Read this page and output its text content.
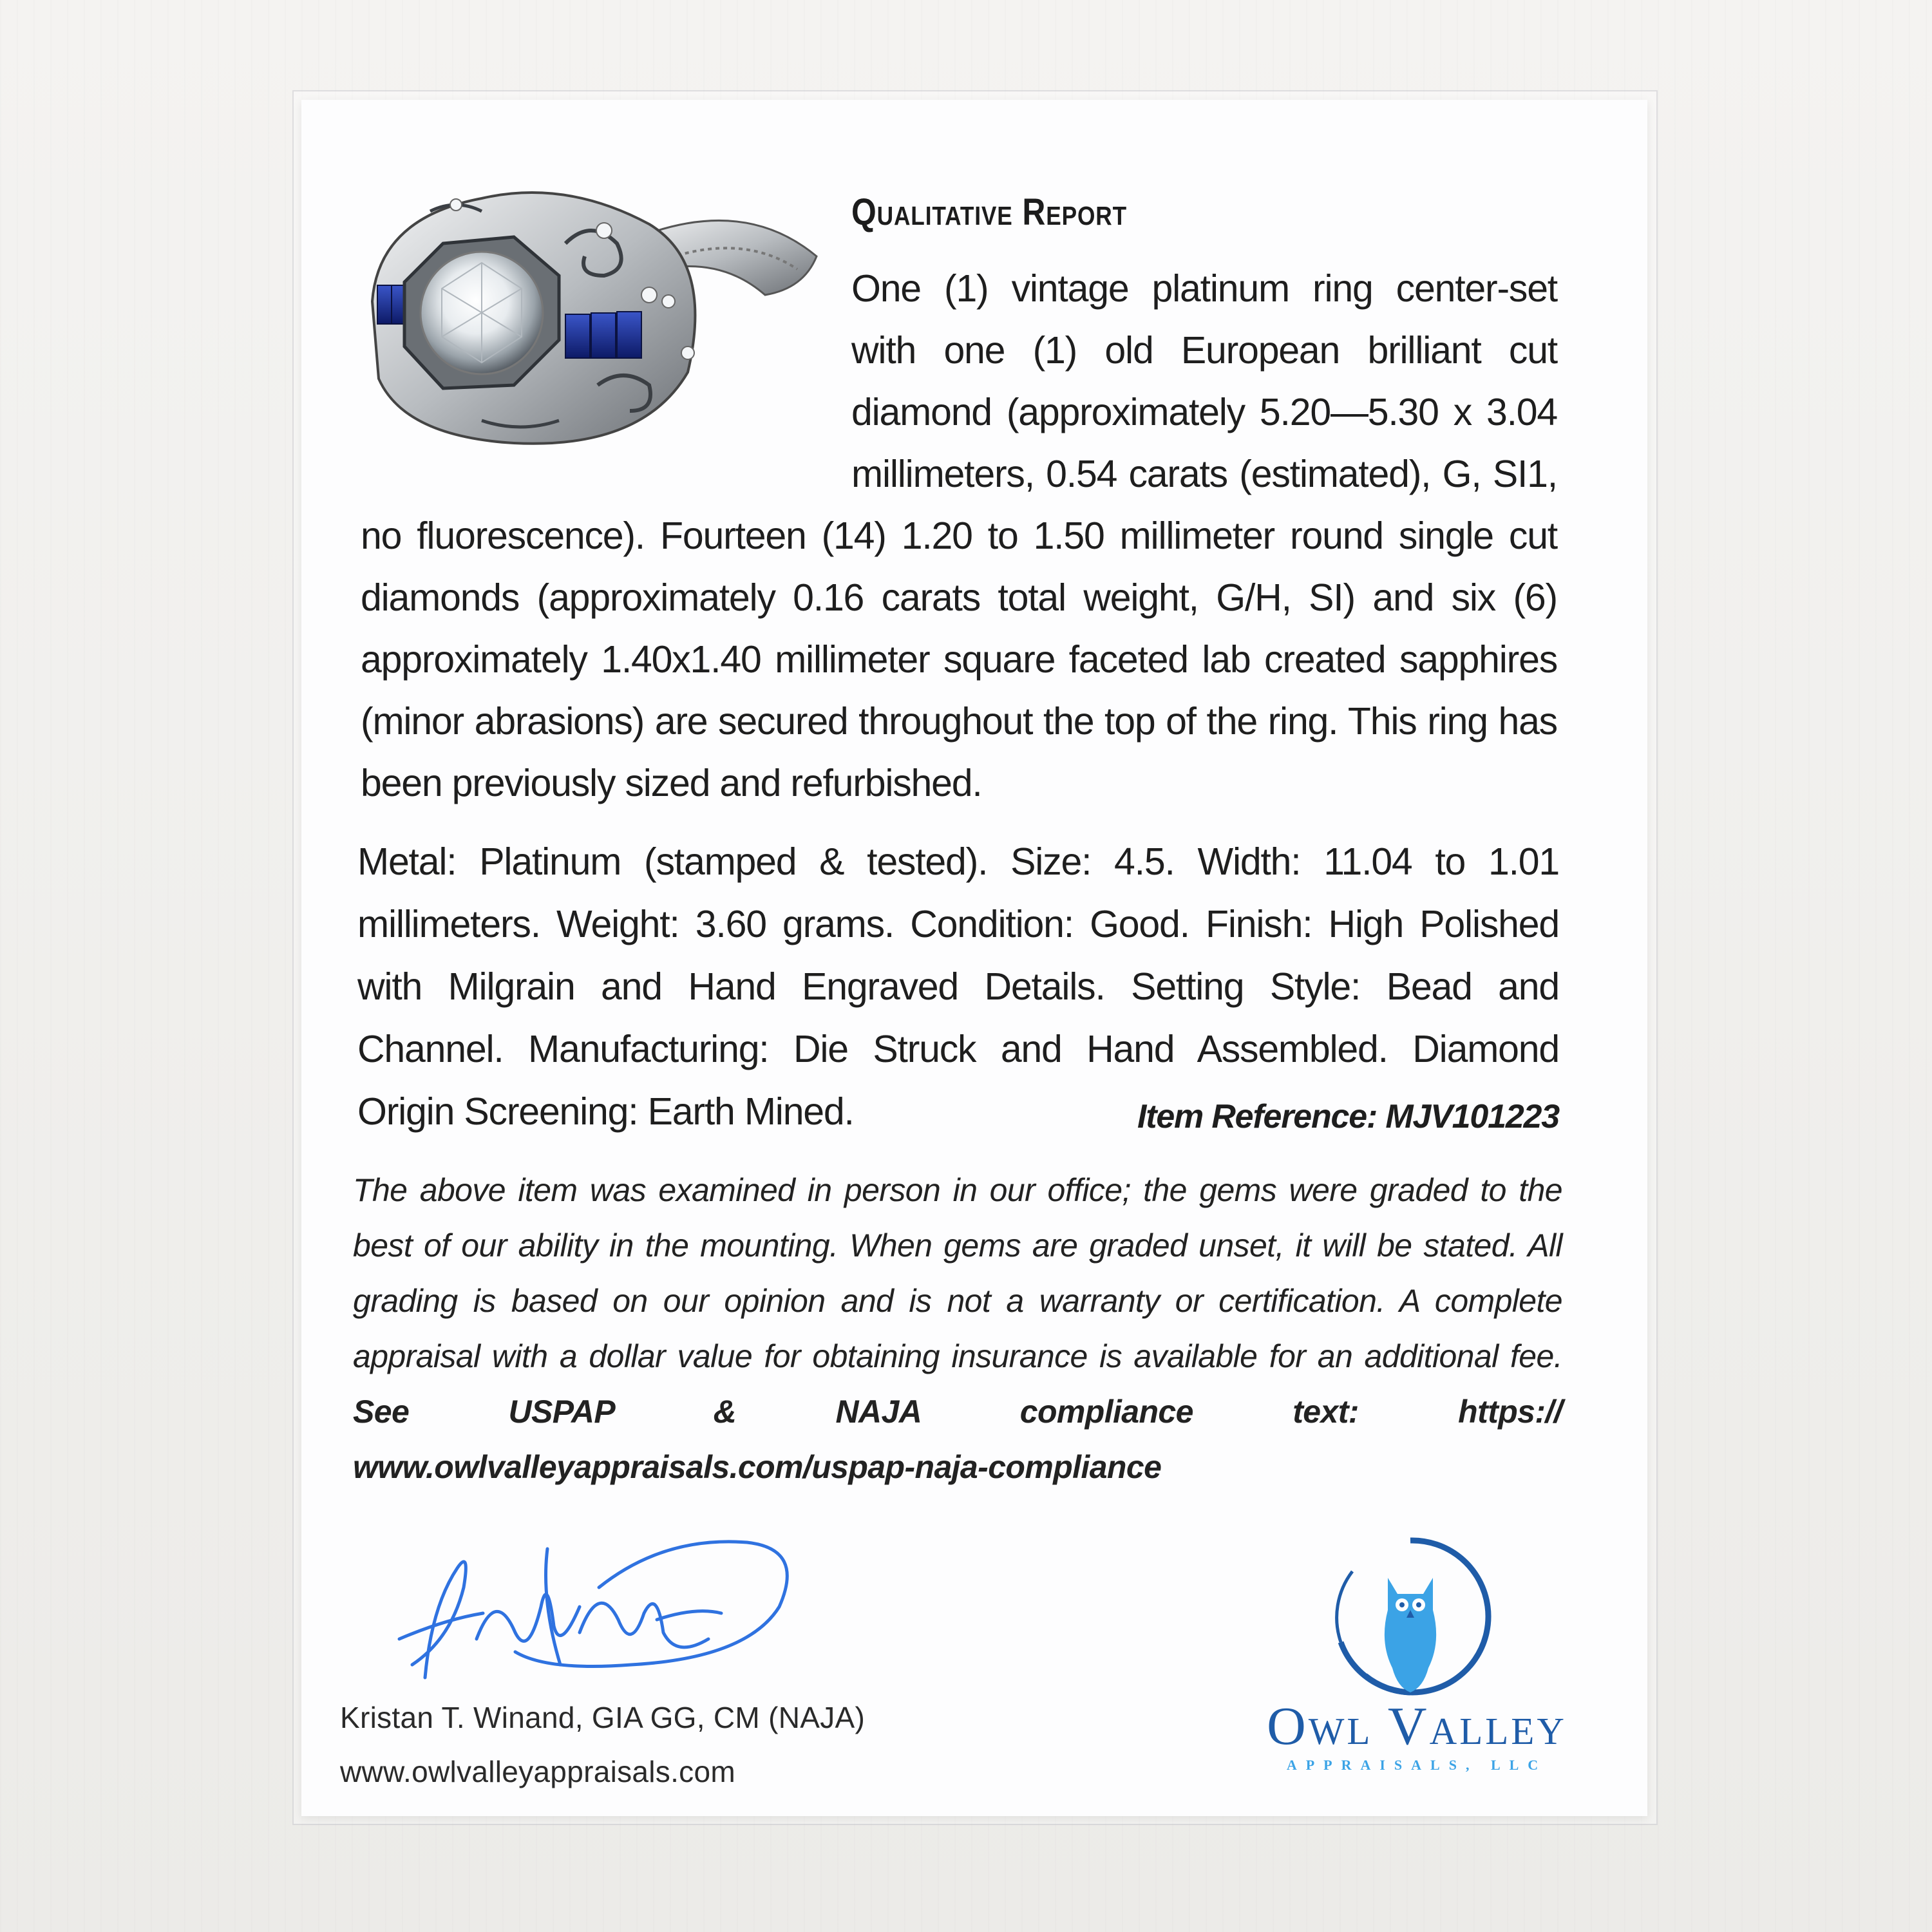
Qualitative Report
One (1) vintage platinum ring center-set with one (1) old European brilliant cut diamond (approximately 5.20—5.30 x 3.04 millimeters, 0.54 carats (estimated), G, SI1, no fluorescence). Fourteen (14) 1.20 to 1.50 millimeter round single cut diamonds (approximately 0.16 carats total weight, G/H, SI) and six (6) approximately 1.40x1.40 millimeter square faceted lab created sapphires (minor abrasions) are secured throughout the top of the ring. This ring has been previously sized and refurbished.
Metal: Platinum (stamped & tested). Size: 4.5. Width: 11.04 to 1.01 millimeters. Weight: 3.60 grams. Condition: Good. Finish: High Polished with Milgrain and Hand Engraved Details. Setting Style: Bead and Channel. Manufacturing: Die Struck and Hand Assembled. Diamond Origin Screening: Earth Mined.	Item Reference: MJV101223
The above item was examined in person in our office; the gems were graded to the best of our ability in the mounting. When gems are graded unset, it will be stated. All grading is based on our opinion and is not a warranty or certification. A complete appraisal with a dollar value for obtaining insurance is available for an additional fee. See USPAP & NAJA compliance text: https:// www.owlvalleyappraisals.com/uspap-naja-compliance
Kristan T. Winand, GIA GG, CM (NAJA)
www.owlvalleyappraisals.com
Owl Valley
APPRAISALS, LLC
